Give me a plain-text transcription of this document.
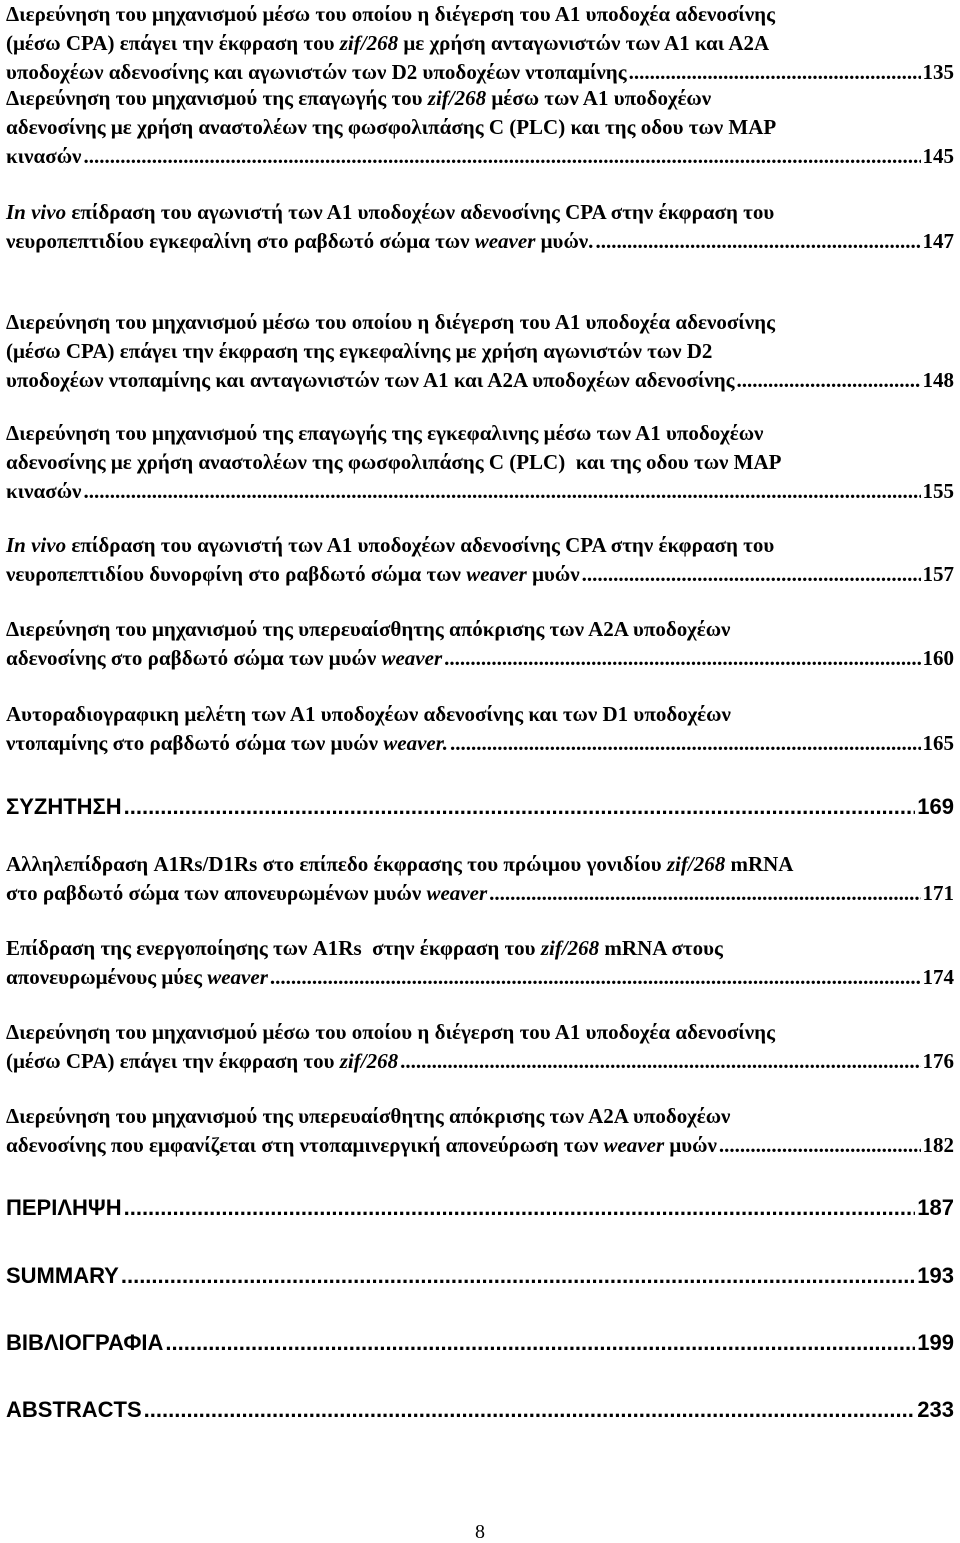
Διερεύνηση του μηχανισμού μέσω του οποίου η διέγερση του Α1 υποδοχέα αδενοσίνης
(μέσω CPA) επάγει την έκφραση του zif/268 με χρήση ανταγωνιστών των Α1 και Α2Α
υποδοχέων αδενοσίνης και αγωνιστών των D2 υποδοχέων ντοπαμίνης .....	135
Διερεύνηση του μηχανισμού της επαγωγής του zif/268 μέσω των Α1 υποδοχέων
αδενοσίνης με χρήση αναστολέων της φωσφολιπάσης C (PLC) και της οδου των MAP
κινασών .....	145
In vivo επίδραση του αγωνιστή των Α1 υποδοχέων αδενοσίνης CPA στην έκφραση του
νευροπεπτιδίου εγκεφαλίνη στο ραβδωτό σώμα των weaver μυών. .....	147
Διερεύνηση του μηχανισμού μέσω του οποίου η διέγερση του Α1 υποδοχέα αδενοσίνης
(μέσω CPA) επάγει την έκφραση της εγκεφαλίνης με χρήση αγωνιστών των D2
υποδοχέων ντοπαμίνης και ανταγωνιστών των Α1 και Α2Α υποδοχέων αδενοσίνης .....	148
Διερεύνηση του μηχανισμού της επαγωγής της εγκεφαλινης μέσω των Α1 υποδοχέων
αδενοσίνης με χρήση αναστολέων της φωσφολιπάσης C (PLC)  και της οδου των MAP
κινασών .....	155
In vivo επίδραση του αγωνιστή των Α1 υποδοχέων αδενοσίνης CPA στην έκφραση του
νευροπεπτιδίου δυνορφίνη στο ραβδωτό σώμα των weaver μυών .....	157
Διερεύνηση του μηχανισμού της υπερευαίσθητης απόκρισης των Α2Α υποδοχέων
αδενοσίνης στο ραβδωτό σώμα των μυών weaver .....	160
Αυτοραδιογραφικη μελέτη των Α1 υποδοχέων αδενοσίνης και των D1 υποδοχέων
ντοπαμίνης στο ραβδωτό σώμα των μυών weaver. .....	165
ΣΥΖΗΤΗΣΗ .....	169
Αλληλεπίδραση A1Rs/D1Rs στο επίπεδο έκφρασης του πρώιμου γονιδίου zif/268 mRNA
στο ραβδωτό σώμα των απονευρωμένων μυών weaver .....	171
Επίδραση της ενεργοποίησης των A1Rs  στην έκφραση του zif/268 mRNA στους
απονευρωμένους μύες weaver .....	174
Διερεύνηση του μηχανισμού μέσω του οποίου η διέγερση του Α1 υποδοχέα αδενοσίνης
(μέσω CPA) επάγει την έκφραση του zif/268 .....	176
Διερεύνηση του μηχανισμού της υπερευαίσθητης απόκρισης των Α2Α υποδοχέων
αδενοσίνης που εμφανίζεται στη ντοπαμινεργική απονεύρωση των weaver μυών .....	182
ΠΕΡΙΛΗΨΗ .....	187
SUMMARY .....	193
ΒΙΒΛΙΟΓΡΑΦΙΑ .....	199
ABSTRACTS .....	233
8
